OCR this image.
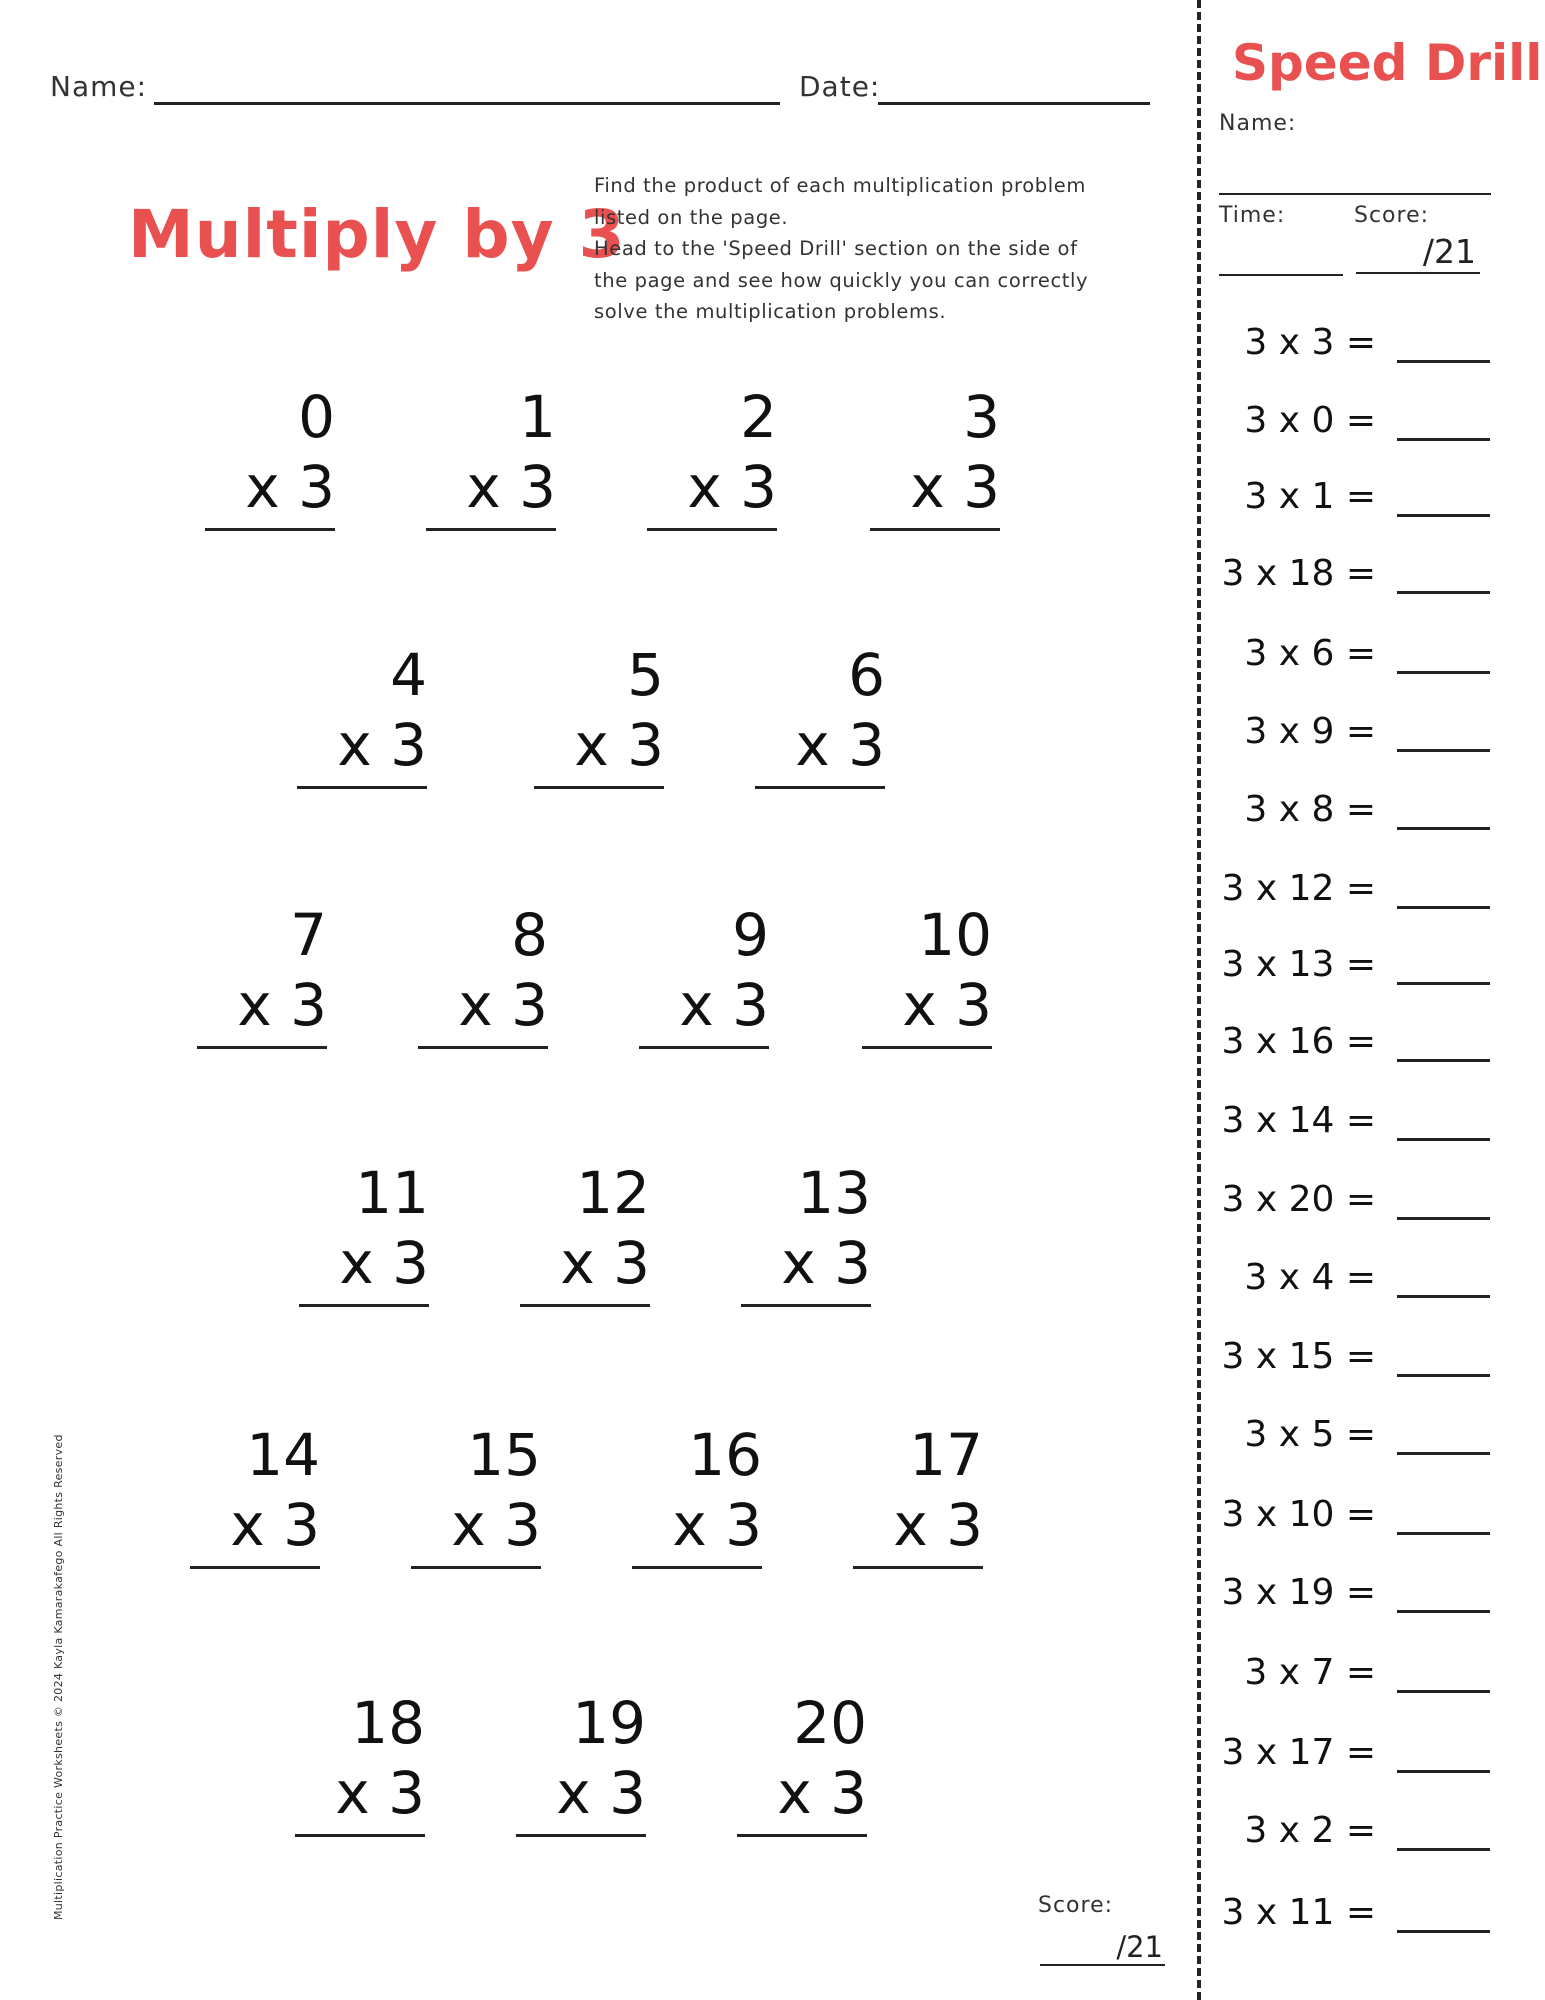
Name:	Date:
Multiply by 3

Find the product of each multiplication problem

listed on the page.

Head to the 'Speed Drill' section on the side of

the page and see how quickly you can correctly

solve the multiplication problems.

0
x 3
1
x 3
2
x 3
3
x 3
4
x 3
5
x 3
6
x 3
7
x 3
8
x 3
9
x 3
10
x 3
11
x 3
12
x 3
13
x 3
14
x 3
15
x 3
16
x 3
17
x 3
18
x 3
19
x 3
20
x 3
Score:
/21
Speed Drill
Name:
Time:	Score:
/21
3 x 3 =
3 x 0 =
3 x 1 =
3 x 18 =
3 x 6 =
3 x 9 =
3 x 8 =
3 x 12 =
3 x 13 =
3 x 16 =
3 x 14 =
3 x 20 =
3 x 4 =
3 x 15 =
3 x 5 =
3 x 10 =
3 x 19 =
3 x 7 =
3 x 17 =
3 x 2 =
3 x 11 =
Multiplication Practice Worksheets © 2024 Kayla Kamarakafego All Rights Reserved
